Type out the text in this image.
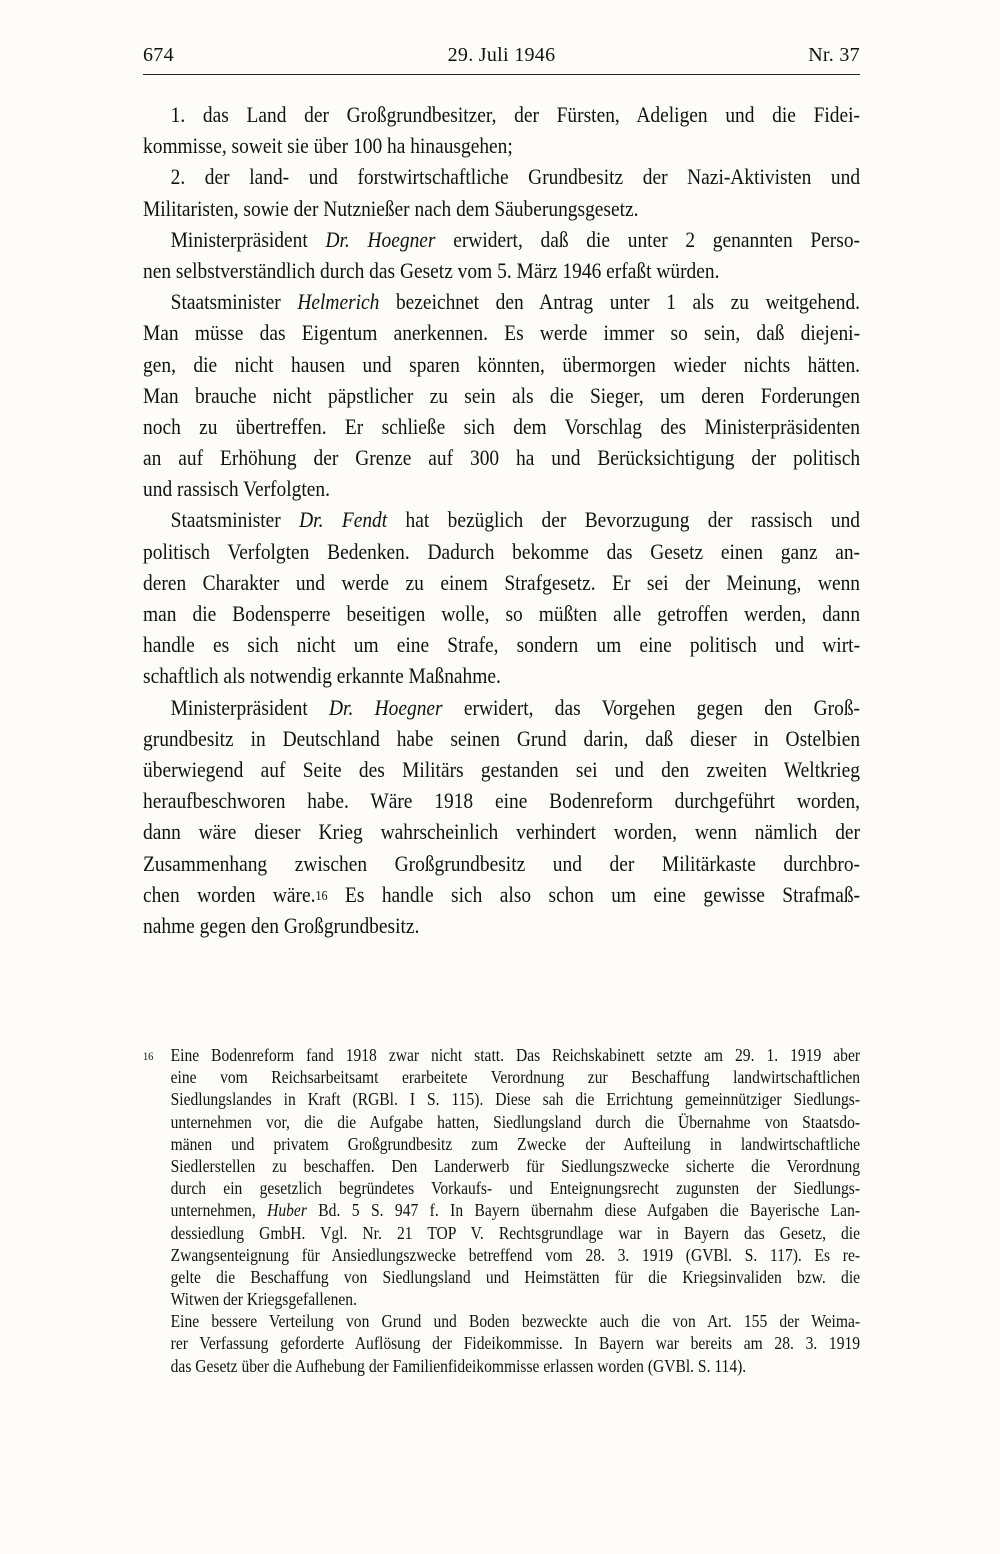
674	29. Juli 1946	Nr. 37
1. das Land der Großgrundbesitzer, der Fürsten, Adeligen und die Fidei-
kommisse, soweit sie über 100 ha hinausgehen;
2. der land- und forstwirtschaftliche Grundbesitz der Nazi-Aktivisten und
Militaristen, sowie der Nutznießer nach dem Säuberungsgesetz.
Ministerpräsident Dr. Hoegner erwidert, daß die unter 2 genannten Perso-
nen selbstverständlich durch das Gesetz vom 5. März 1946 erfaßt würden.
Staatsminister Helmerich bezeichnet den Antrag unter 1 als zu weitgehend.
Man müsse das Eigentum anerkennen. Es werde immer so sein, daß diejeni-
gen, die nicht hausen und sparen könnten, übermorgen wieder nichts hätten.
Man brauche nicht päpstlicher zu sein als die Sieger, um deren Forderungen
noch zu übertreffen. Er schließe sich dem Vorschlag des Ministerpräsidenten
an auf Erhöhung der Grenze auf 300 ha und Berücksichtigung der politisch
und rassisch Verfolgten.
Staatsminister Dr. Fendt hat bezüglich der Bevorzugung der rassisch und
politisch Verfolgten Bedenken. Dadurch bekomme das Gesetz einen ganz an-
deren Charakter und werde zu einem Strafgesetz. Er sei der Meinung, wenn
man die Bodensperre beseitigen wolle, so müßten alle getroffen werden, dann
handle es sich nicht um eine Strafe, sondern um eine politisch und wirt-
schaftlich als notwendig erkannte Maßnahme.
Ministerpräsident Dr. Hoegner erwidert, das Vorgehen gegen den Groß-
grundbesitz in Deutschland habe seinen Grund darin, daß dieser in Ostelbien
überwiegend auf Seite des Militärs gestanden sei und den zweiten Weltkrieg
heraufbeschworen habe. Wäre 1918 eine Bodenreform durchgeführt worden,
dann wäre dieser Krieg wahrscheinlich verhindert worden, wenn nämlich der
Zusammenhang zwischen Großgrundbesitz und der Militärkaste durchbro-
chen worden wäre.$^{16}$ Es handle sich also schon um eine gewisse Strafmaß-
nahme gegen den Großgrundbesitz.
$^{16}$ Eine Bodenreform fand 1918 zwar nicht statt. Das Reichskabinett setzte am 29. 1. 1919 aber
eine vom Reichsarbeitsamt erarbeitete Verordnung zur Beschaffung landwirtschaftlichen
Siedlungslandes in Kraft (RGBl. I S. 115). Diese sah die Errichtung gemeinnütziger Siedlungs-
unternehmen vor, die die Aufgabe hatten, Siedlungsland durch die Übernahme von Staatsdo-
mänen und privatem Großgrundbesitz zum Zwecke der Aufteilung in landwirtschaftliche
Siedlerstellen zu beschaffen. Den Landerwerb für Siedlungszwecke sicherte die Verordnung
durch ein gesetzlich begründetes Vorkaufs- und Enteignungsrecht zugunsten der Siedlungs-
unternehmen, Huber Bd. 5 S. 947 f. In Bayern übernahm diese Aufgaben die Bayerische Lan-
dessiedlung GmbH. Vgl. Nr. 21 TOP V. Rechtsgrundlage war in Bayern das Gesetz, die
Zwangsenteignung für Ansiedlungszwecke betreffend vom 28. 3. 1919 (GVBl. S. 117). Es re-
gelte die Beschaffung von Siedlungsland und Heimstätten für die Kriegsinvaliden bzw. die
Witwen der Kriegsgefallenen.
Eine bessere Verteilung von Grund und Boden bezweckte auch die von Art. 155 der Weima-
rer Verfassung geforderte Auflösung der Fideikommisse. In Bayern war bereits am 28. 3. 1919
das Gesetz über die Aufhebung der Familienfideikommisse erlassen worden (GVBl. S. 114).
